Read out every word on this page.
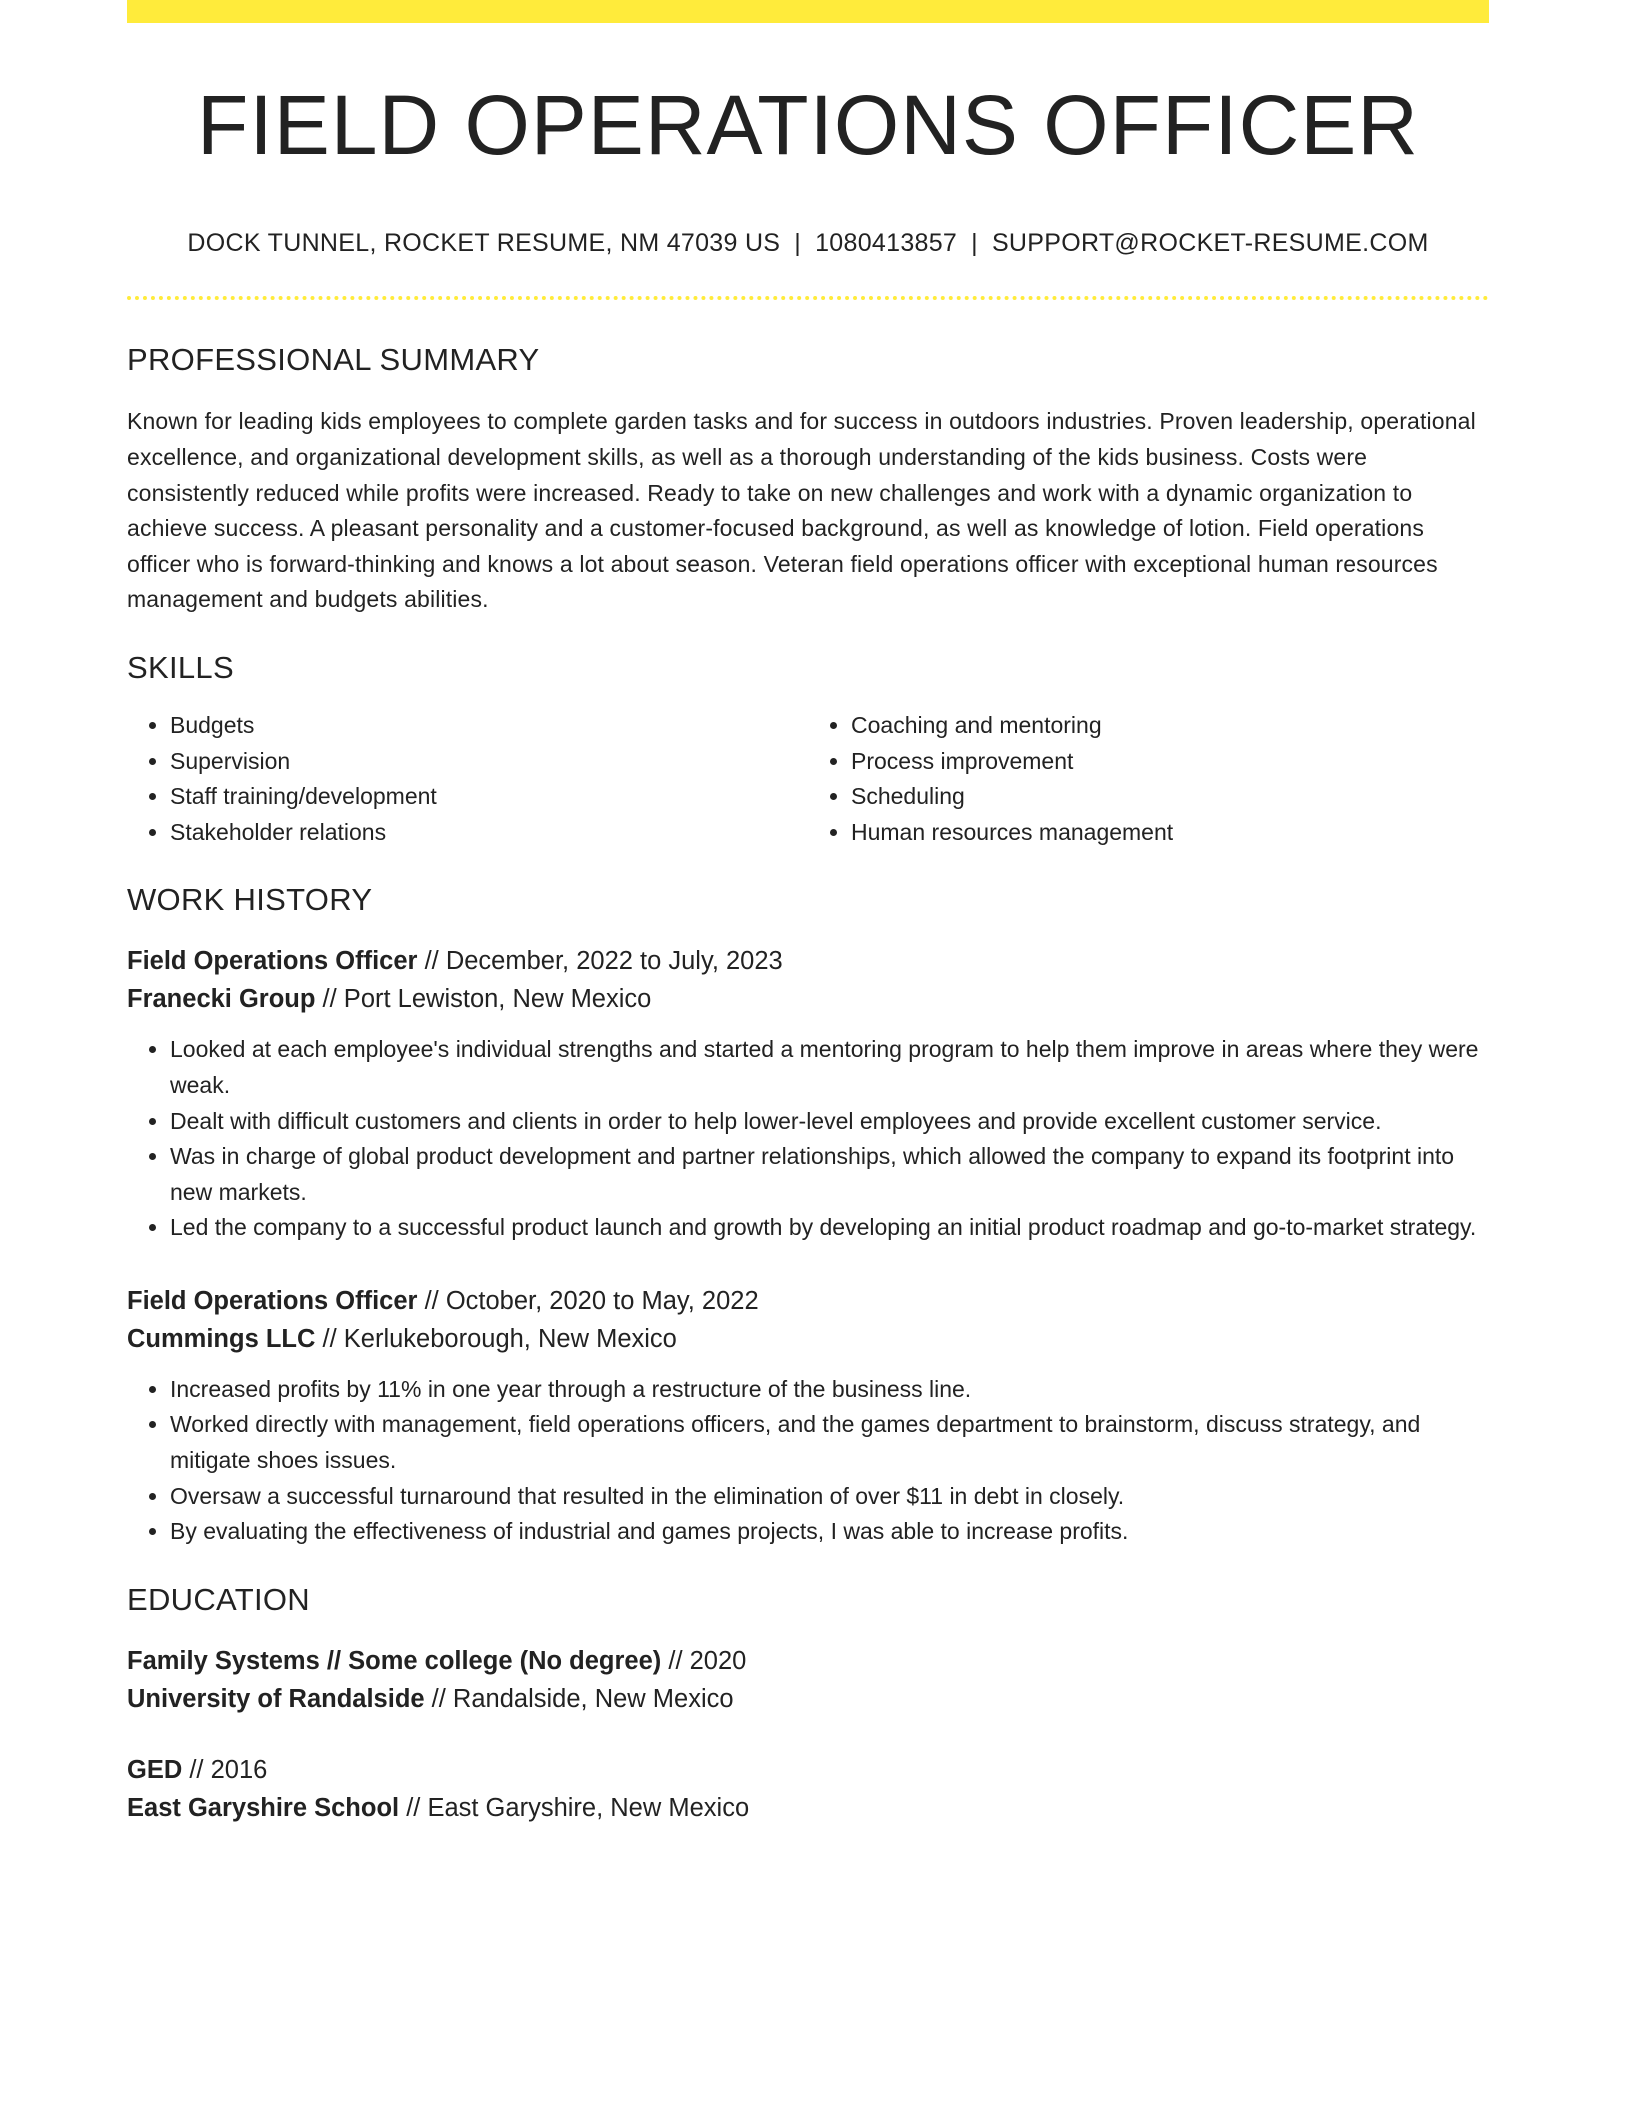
FIELD OPERATIONS OFFICER
DOCK TUNNEL, ROCKET RESUME, NM 47039 US | 1080413857 | SUPPORT@ROCKET-RESUME.COM
PROFESSIONAL SUMMARY

Known for leading kids employees to complete garden tasks and for success in outdoors industries. Proven leadership, operational excellence, and organizational development skills, as well as a thorough understanding of the kids business. Costs were consistently reduced while profits were increased. Ready to take on new challenges and work with a dynamic organization to achieve success. A pleasant personality and a customer-focused background, as well as knowledge of lotion. Field operations officer who is forward-thinking and knows a lot about season. Veteran field operations officer with exceptional human resources management and budgets abilities.

SKILLS
• Budgets
• Supervision
• Staff training/development
• Stakeholder relations
• Coaching and mentoring
• Process improvement
• Scheduling
• Human resources management
WORK HISTORY
Field Operations Officer // December, 2022 to July, 2023
Franecki Group // Port Lewiston, New Mexico
• Looked at each employee's individual strengths and started a mentoring program to help them improve in areas where they were weak.
• Dealt with difficult customers and clients in order to help lower-level employees and provide excellent customer service.
• Was in charge of global product development and partner relationships, which allowed the company to expand its footprint into new markets.
• Led the company to a successful product launch and growth by developing an initial product roadmap and go-to-market strategy.
Field Operations Officer // October, 2020 to May, 2022
Cummings LLC // Kerlukeborough, New Mexico
• Increased profits by 11% in one year through a restructure of the business line.
• Worked directly with management, field operations officers, and the games department to brainstorm, discuss strategy, and mitigate shoes issues.
• Oversaw a successful turnaround that resulted in the elimination of over $11 in debt in closely.
• By evaluating the effectiveness of industrial and games projects, I was able to increase profits.
EDUCATION
Family Systems // Some college (No degree) // 2020
University of Randalside // Randalside, New Mexico
GED // 2016
East Garyshire School // East Garyshire, New Mexico
